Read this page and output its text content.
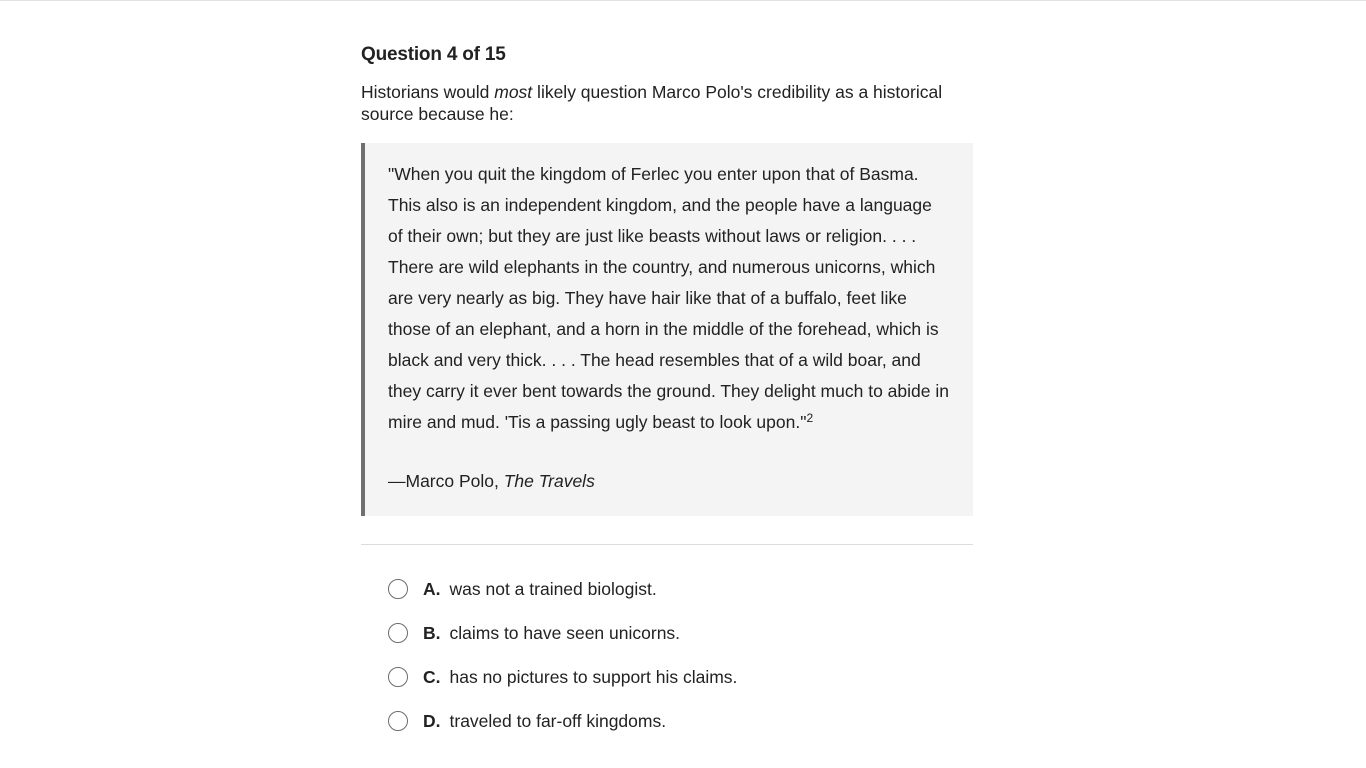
Question 4 of 15
Historians would most likely question Marco Polo's credibility as a historical source because he:
"When you quit the kingdom of Ferlec you enter upon that of Basma. This also is an independent kingdom, and the people have a language of their own; but they are just like beasts without laws or religion. . . . There are wild elephants in the country, and numerous unicorns, which are very nearly as big. They have hair like that of a buffalo, feet like those of an elephant, and a horn in the middle of the forehead, which is black and very thick. . . . The head resembles that of a wild boar, and they carry it ever bent towards the ground. They delight much to abide in mire and mud. 'Tis a passing ugly beast to look upon."$^2$
—Marco Polo, The Travels
A. was not a trained biologist.
B. claims to have seen unicorns.
C. has no pictures to support his claims.
D. traveled to far-off kingdoms.
